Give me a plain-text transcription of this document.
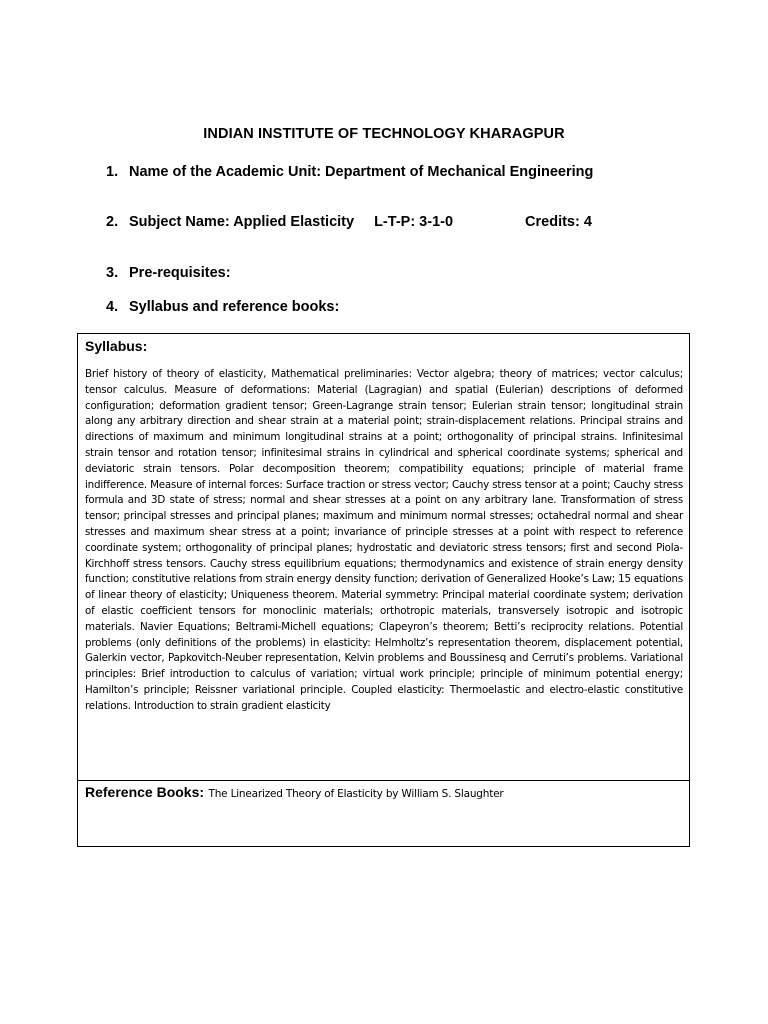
INDIAN INSTITUTE OF TECHNOLOGY KHARAGPUR
1. Name of the Academic Unit: Department of Mechanical Engineering
2. Subject Name: Applied Elasticity L-T-P: 3-1-0	Credits: 4
3. Pre-requisites:
4. Syllabus and reference books:
Syllabus:
Brief history of theory of elasticity, Mathematical preliminaries: Vector algebra; theory of matrices; vector calculus; tensor calculus. Measure of deformations: Material (Lagragian) and spatial (Eulerian) descriptions of deformed configuration; deformation gradient tensor; Green-Lagrange strain tensor; Eulerian strain tensor; longitudinal strain along any arbitrary direction and shear strain at a material point; strain-displacement relations. Principal strains and directions of maximum and minimum longitudinal strains at a point; orthogonality of principal strains. Infinitesimal strain tensor and rotation tensor; infinitesimal strains in cylindrical and spherical coordinate systems; spherical and deviatoric strain tensors. Polar decomposition theorem; compatibility equations; principle of material frame indifference. Measure of internal forces: Surface traction or stress vector; Cauchy stress tensor at a point; Cauchy stress formula and 3D state of stress; normal and shear stresses at a point on any arbitrary lane. Transformation of stress tensor; principal stresses and principal planes; maximum and minimum normal stresses; octahedral normal and shear stresses and maximum shear stress at a point; invariance of principle stresses at a point with respect to reference coordinate system; orthogonality of principal planes; hydrostatic and deviatoric stress tensors; first and second Piola-Kirchhoff stress tensors. Cauchy stress equilibrium equations; thermodynamics and existence of strain energy density function; constitutive relations from strain energy density function; derivation of Generalized Hooke’s Law; 15 equations of linear theory of elasticity; Uniqueness theorem. Material symmetry: Principal material coordinate system; derivation of elastic coefficient tensors for monoclinic materials; orthotropic materials, transversely isotropic and isotropic materials. Navier Equations; Beltrami-Michell equations; Clapeyron’s theorem; Betti’s reciprocity relations. Potential problems (only definitions of the problems) in elasticity: Helmholtz’s representation theorem, displacement potential, Galerkin vector, Papkovitch-Neuber representation, Kelvin problems and Boussinesq and Cerruti’s problems. Variational principles: Brief introduction to calculus of variation; virtual work principle; principle of minimum potential energy; Hamilton’s principle; Reissner variational principle. Coupled elasticity: Thermoelastic and electro-elastic constitutive relations. Introduction to strain gradient elasticity
Reference Books: The Linearized Theory of Elasticity by William S. Slaughter
